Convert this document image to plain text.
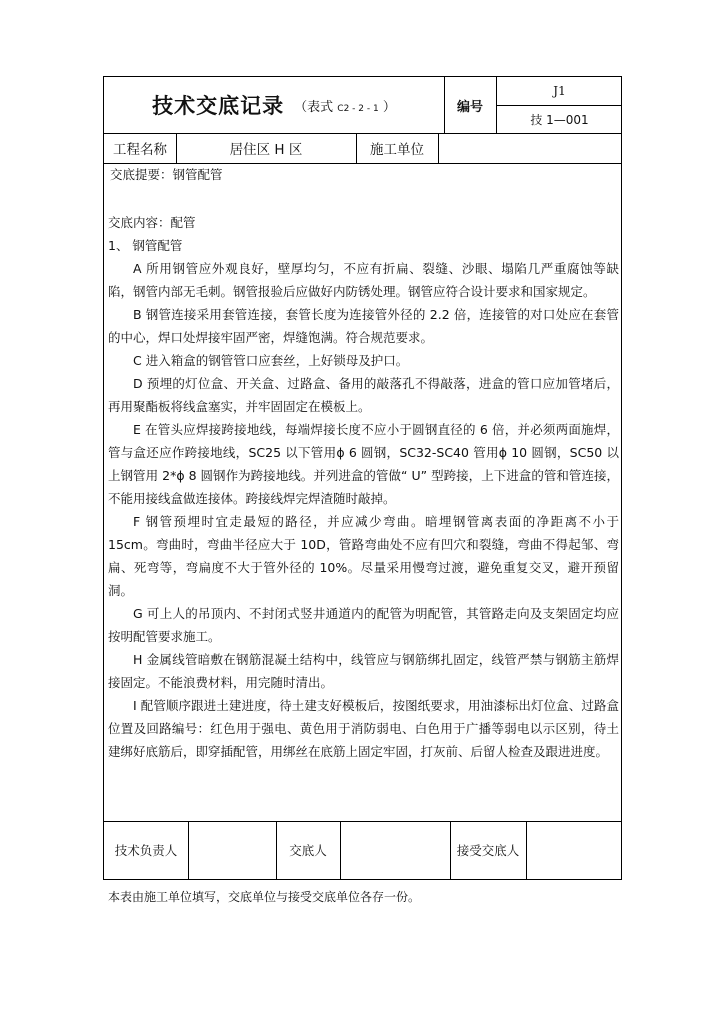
技术交底记录 （表式 C2 - 2 - 1 ）	编号
J1
技 1—001
工程名称	居住区 H 区	施工单位
交底提要：钢管配管

交底内容：配管

1、 钢管配管

A 所用钢管应外观良好，壁厚均匀，不应有折扁、裂缝、沙眼、塌陷几严重腐蚀等缺陷，钢管内部无毛刺。钢管报验后应做好内防锈处理。钢管应符合设计要求和国家规定。

B 钢管连接采用套管连接，套管长度为连接管外径的 2.2 倍，连接管的对口处应在套管的中心，焊口处焊接牢固严密，焊缝饱满。符合规范要求。

C 进入箱盒的钢管管口应套丝，上好锁母及护口。

D 预埋的灯位盒、开关盒、过路盒、备用的敲落孔不得敲落，进盒的管口应加管堵后，再用聚酯板将线盒塞实，并牢固固定在模板上。

E 在管头应焊接跨接地线，每端焊接长度不应小于圆钢直径的 6 倍，并必须两面施焊，管与盒还应作跨接地线，SC25 以下管用ϕ 6 圆钢，SC32-SC40 管用ϕ 10 圆钢，SC50 以上钢管用 2*ϕ 8 圆钢作为跨接地线。并列进盒的管做“ U” 型跨接，上下进盒的管和管连接，不能用接线盒做连接体。跨接线焊完焊渣随时敲掉。

F 钢管预埋时宜走最短的路径，并应减少弯曲。暗埋钢管离表面的净距离不小于 15cm。弯曲时，弯曲半径应大于 10D，管路弯曲处不应有凹穴和裂缝，弯曲不得起邹、弯扁、死弯等，弯扁度不大于管外径的 10%。尽量采用慢弯过渡，避免重复交叉，避开预留洞。

G 可上人的吊顶内、不封闭式竖井通道内的配管为明配管，其管路走向及支架固定均应按明配管要求施工。

H 金属线管暗敷在钢筋混凝土结构中，线管应与钢筋绑扎固定，线管严禁与钢筋主筋焊接固定。不能浪费材料，用完随时清出。

I 配管顺序跟进土建进度，待土建支好模板后，按图纸要求，用油漆标出灯位盒、过路盒位置及回路编号：红色用于强电、黄色用于消防弱电、白色用于广播等弱电以示区别，待土建绑好底筋后，即穿插配管，用绑丝在底筋上固定牢固，打灰前、后留人检查及跟进进度。

技术负责人	交底人	接受交底人
本表由施工单位填写，交底单位与接受交底单位各存一份。
